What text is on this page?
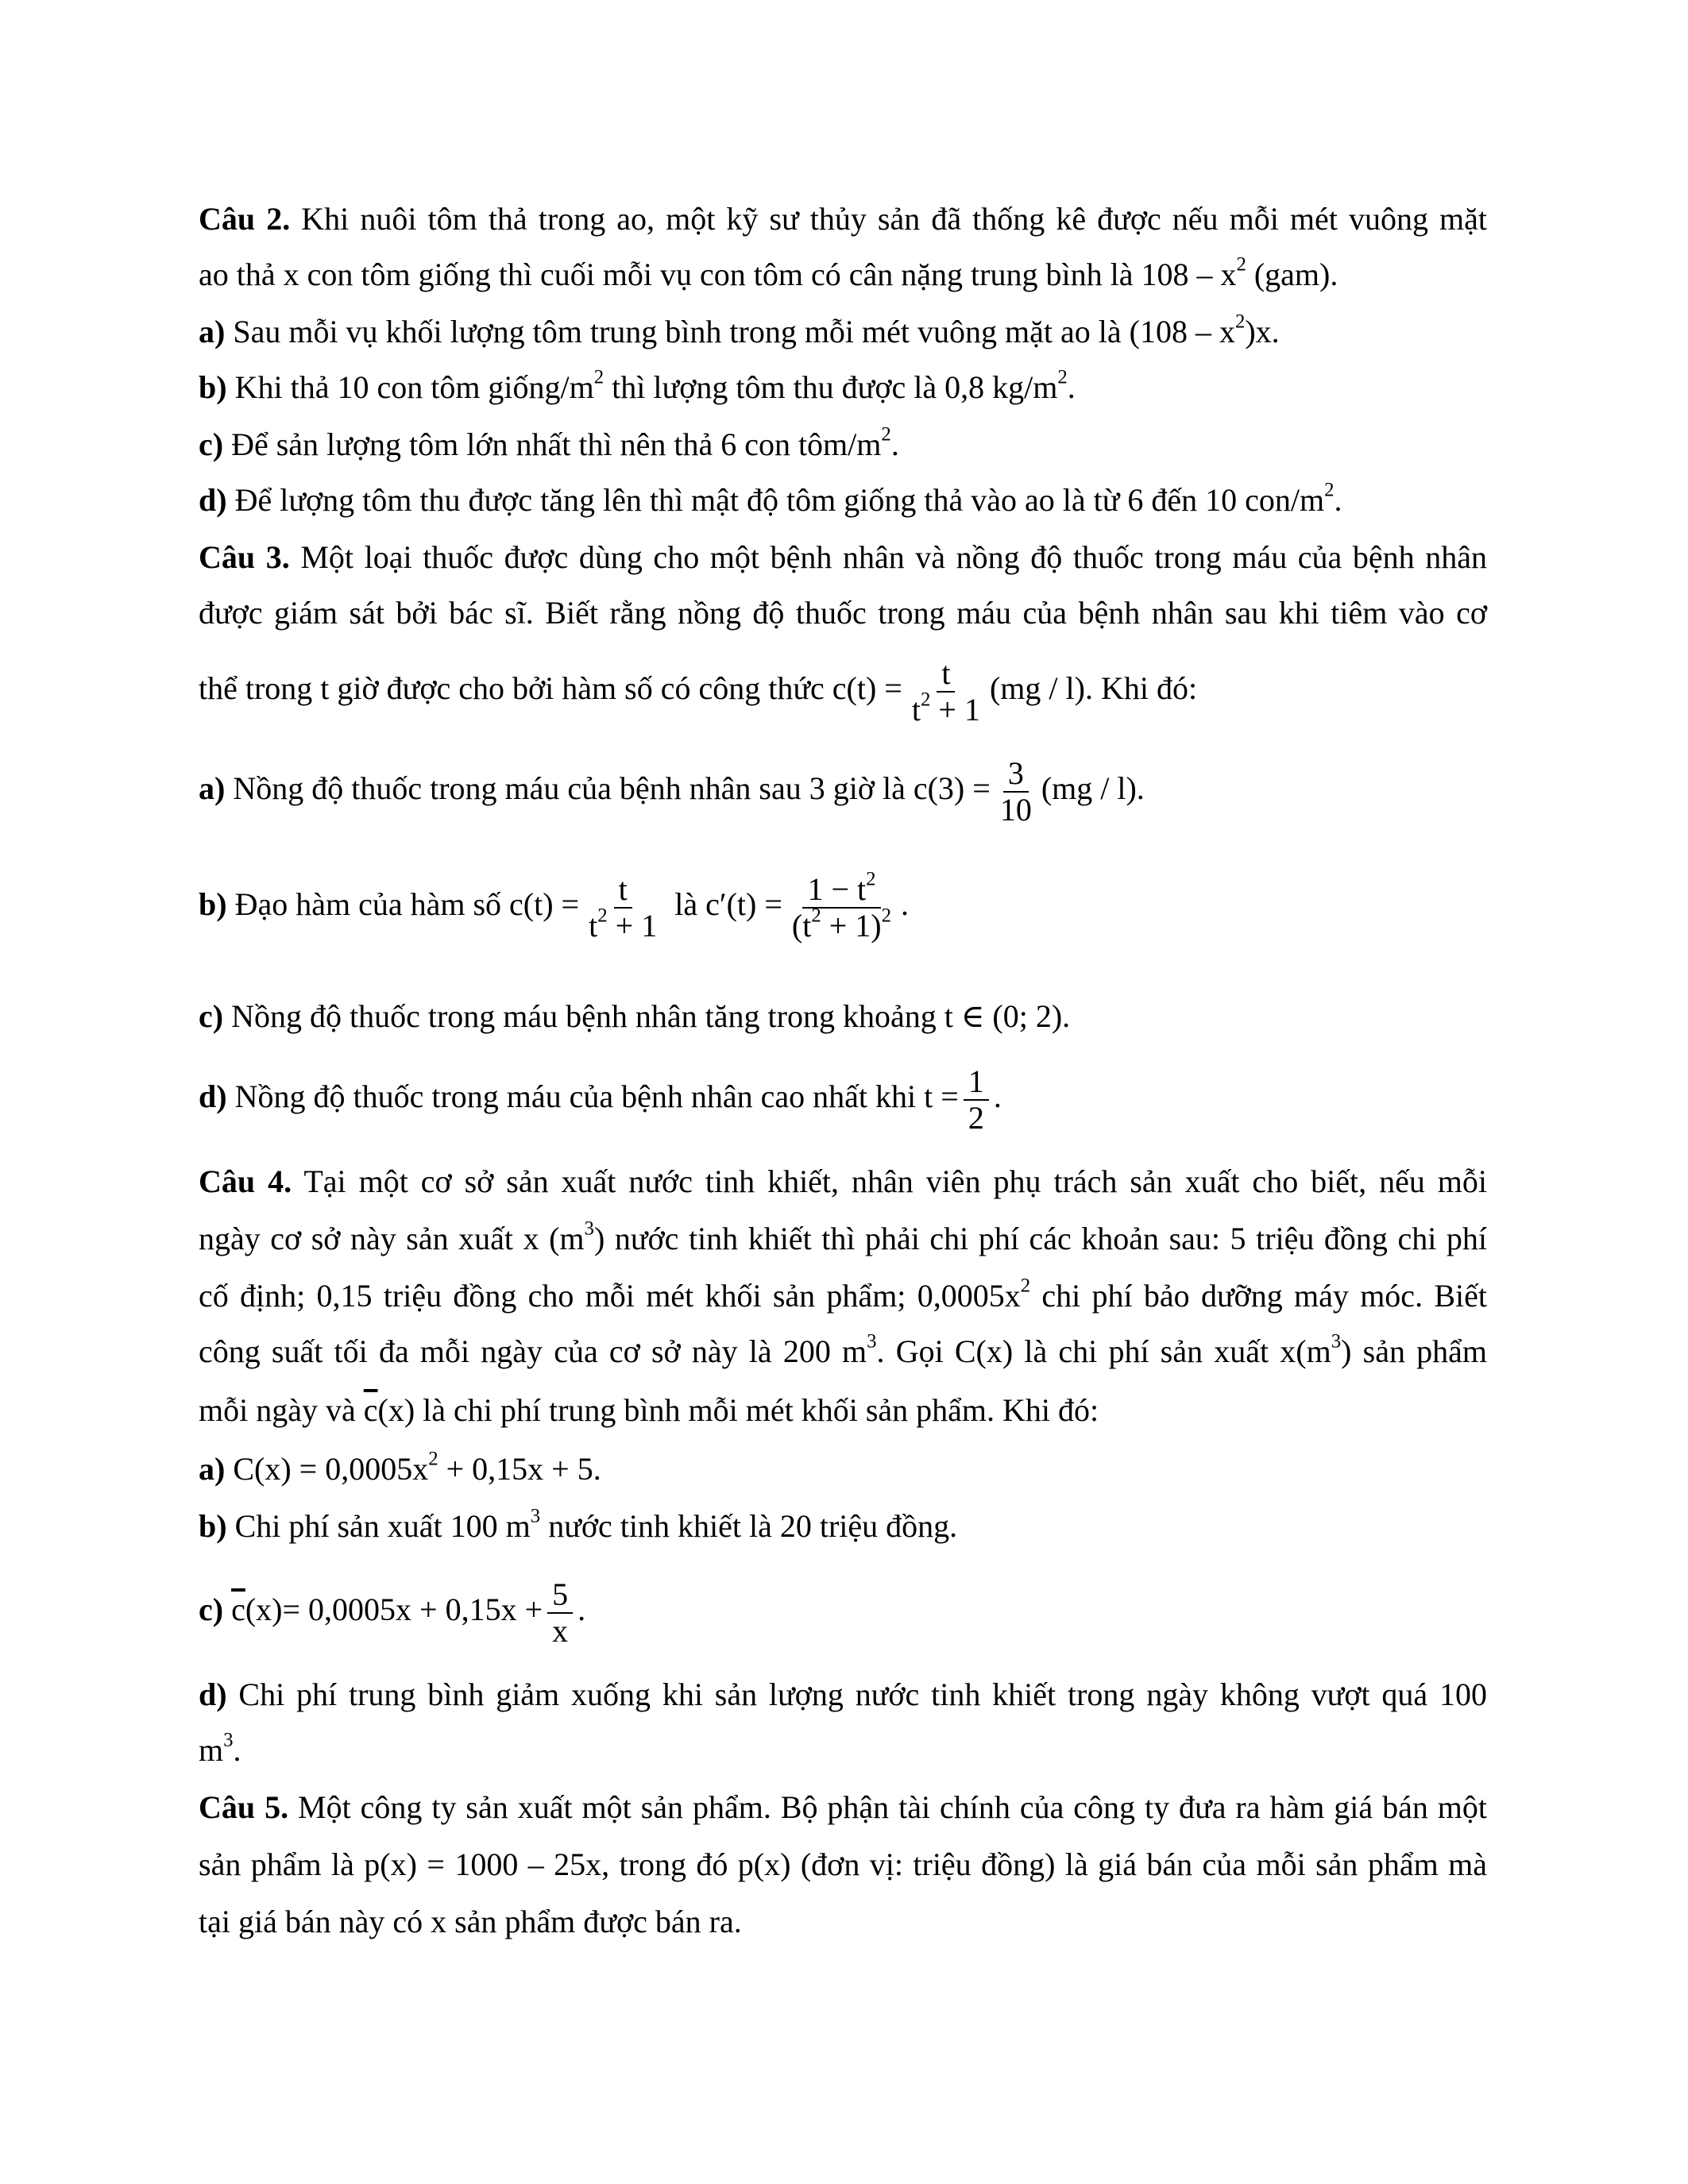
Câu 2. Khi nuôi tôm thả trong ao, một kỹ sư thủy sản đã thống kê được nếu mỗi mét vuông mặt
ao thả x con tôm giống thì cuối mỗi vụ con tôm có cân nặng trung bình là $108 - x^2$ (gam).
a) Sau mỗi vụ khối lượng tôm trung bình trong mỗi mét vuông mặt ao là $(108 - x^2)x$.
b) Khi thả 10 con tôm giống/$m^2$ thì lượng tôm thu được là 0,8 $kg/m^2$.
c) Để sản lượng tôm lớn nhất thì nên thả 6 con tôm/$m^2$.
d) Để lượng tôm thu được tăng lên thì mật độ tôm giống thả vào ao là từ 6 đến 10 con/$m^2$.
Câu 3. Một loại thuốc được dùng cho một bệnh nhân và nồng độ thuốc trong máu của bệnh nhân
được giám sát bởi bác sĩ. Biết rằng nồng độ thuốc trong máu của bệnh nhân sau khi tiêm vào cơ
thể trong t giờ được cho bởi hàm số có công thức $c(t) = \frac{t}{t^2 + 1} (mg / l)$. Khi đó:
a) Nồng độ thuốc trong máu của bệnh nhân sau 3 giờ là $c(3) = \frac{3}{10} (mg / l)$.
b) Đạo hàm của hàm số $c(t) = \frac{t}{t^2 + 1}$ là $c'(t) = \frac{1 - t^2}{(t^2 + 1)^2}$ .
c) Nồng độ thuốc trong máu bệnh nhân tăng trong khoảng t ∈ (0; 2).
d) Nồng độ thuốc trong máu của bệnh nhân cao nhất khi $t = \frac{1}{2}$ .
Câu 4. Tại một cơ sở sản xuất nước tinh khiết, nhân viên phụ trách sản xuất cho biết, nếu mỗi
ngày cơ sở này sản xuất x $(m^3)$ nước tinh khiết thì phải chi phí các khoản sau: 5 triệu đồng chi phí
cố định; 0,15 triệu đồng cho mỗi mét khối sản phẩm; $0,0005x^2$ chi phí bảo dưỡng máy móc. Biết
công suất tối đa mỗi ngày của cơ sở này là 200 $m^3$. Gọi C(x) là chi phí sản xuất $x(m^3)$ sản phẩm
mỗi ngày và $\overline{c}(x)$ là chi phí trung bình mỗi mét khối sản phẩm. Khi đó:
a) $C(x) = 0,0005x^2 + 0,15x + 5$.
b) Chi phí sản xuất 100 $m^3$ nước tinh khiết là 20 triệu đồng.
c) $\overline{c}(x)= 0,0005x + 0,15x + \frac{5}{x}$ .
d) Chi phí trung bình giảm xuống khi sản lượng nước tinh khiết trong ngày không vượt quá 100
$m^3$.
Câu 5. Một công ty sản xuất một sản phẩm. Bộ phận tài chính của công ty đưa ra hàm giá bán một
sản phẩm là p(x) = 1000 – 25x, trong đó p(x) (đơn vị: triệu đồng) là giá bán của mỗi sản phẩm mà
tại giá bán này có x sản phẩm được bán ra.
